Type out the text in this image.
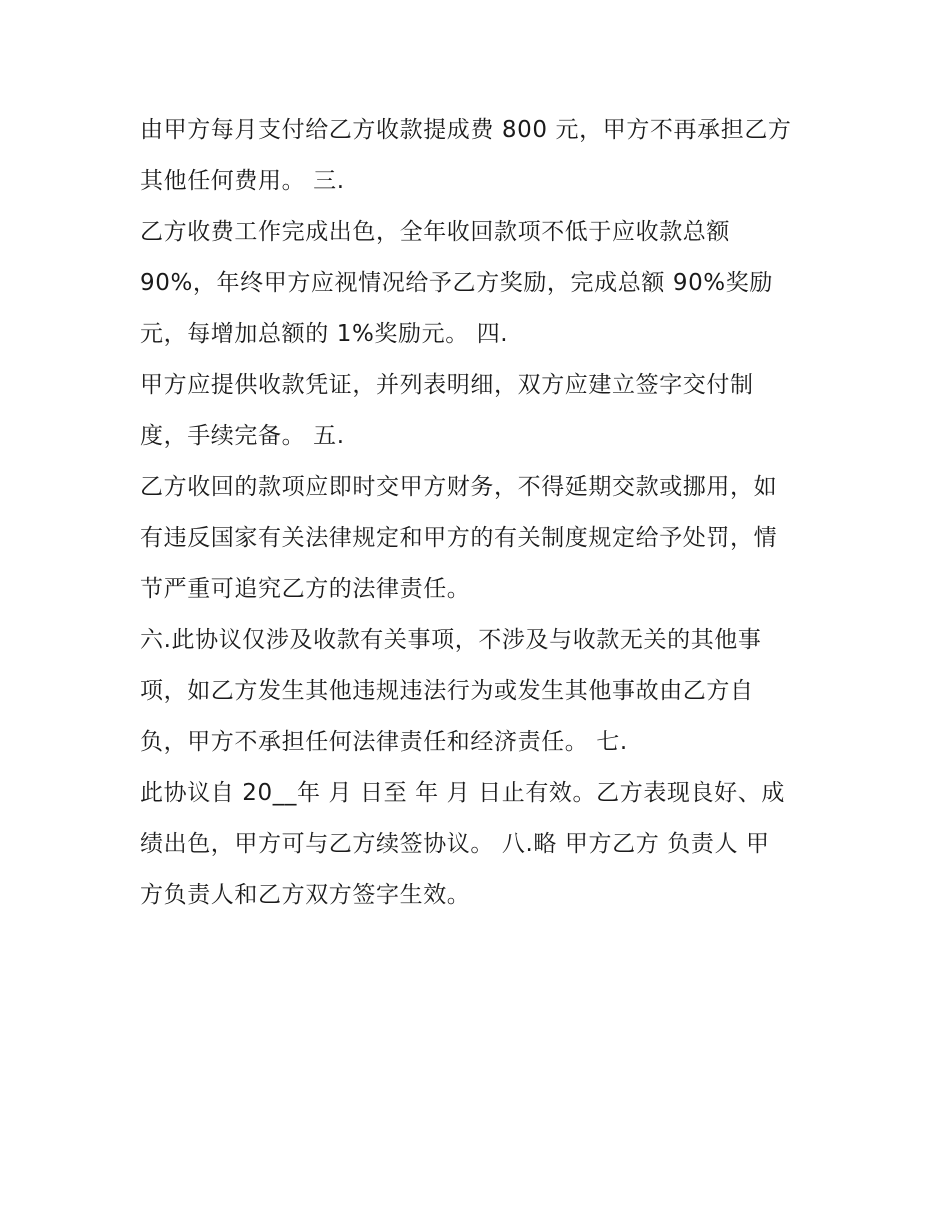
由甲方每月支付给乙方收款提成费 800 元，甲方不再承担乙方
其他任何费用。 三.
乙方收费工作完成出色，全年收回款项不低于应收款总额
90%，年终甲方应视情况给予乙方奖励，完成总额 90%奖励
元，每增加总额的 1%奖励元。 四.
甲方应提供收款凭证，并列表明细，双方应建立签字交付制
度，手续完备。 五.
乙方收回的款项应即时交甲方财务，不得延期交款或挪用，如
有违反国家有关法律规定和甲方的有关制度规定给予处罚，情
节严重可追究乙方的法律责任。
六.此协议仅涉及收款有关事项，不涉及与收款无关的其他事
项，如乙方发生其他违规违法行为或发生其他事故由乙方自
负，甲方不承担任何法律责任和经济责任。 七.
此协议自 20__年 月 日至 年 月 日止有效。乙方表现良好、成
绩出色，甲方可与乙方续签协议。 八.略 甲方乙方 负责人 甲
方负责人和乙方双方签字生效。
